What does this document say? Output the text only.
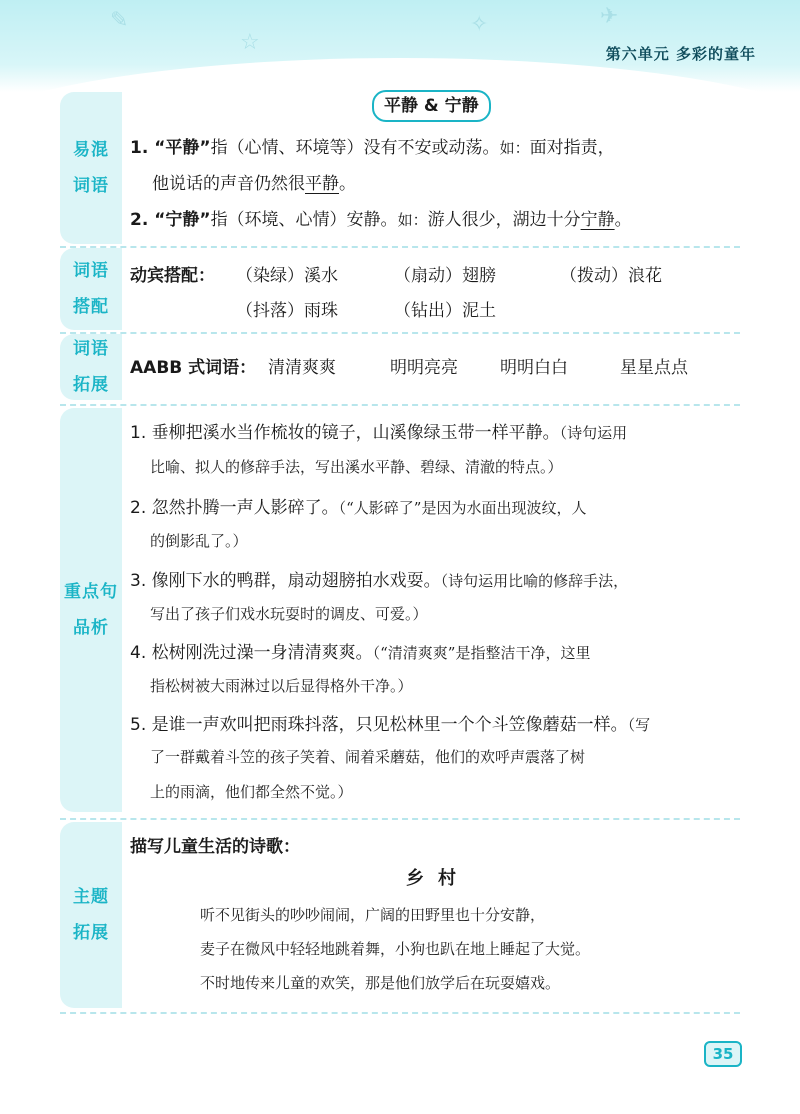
✎
☆
✧	✈
第六单元 多彩的童年
易混
词语
词语
搭配
词语
拓展
重点句
品析
主题
拓展
平静 & 宁静
1. “平静”指（心情、环境等）没有不安或动荡。如：面对指责，
他说话的声音仍然很平静。
2. “宁静”指（环境、心情）安静。如：游人很少，湖边十分宁静。
动宾搭配： （染绿）溪水	（扇动）翅膀	（拨动）浪花
（抖落）雨珠	（钻出）泥土
AABB 式词语： 清清爽爽	明明亮亮 明明白白	星星点点
1. 垂柳把溪水当作梳妆的镜子，山溪像绿玉带一样平静。（诗句运用
比喻、拟人的修辞手法，写出溪水平静、碧绿、清澈的特点。）
2. 忽然扑腾一声人影碎了。（“人影碎了”是因为水面出现波纹，人
的倒影乱了。）
3. 像刚下水的鸭群，扇动翅膀拍水戏耍。（诗句运用比喻的修辞手法，
写出了孩子们戏水玩耍时的调皮、可爱。）
4. 松树刚洗过澡一身清清爽爽。（“清清爽爽”是指整洁干净，这里
指松树被大雨淋过以后显得格外干净。）
5. 是谁一声欢叫把雨珠抖落，只见松林里一个个斗笠像蘑菇一样。（写
了一群戴着斗笠的孩子笑着、闹着采蘑菇，他们的欢呼声震落了树
上的雨滴，他们都全然不觉。）
描写儿童生活的诗歌：
乡村
听不见街头的吵吵闹闹，广阔的田野里也十分安静，
麦子在微风中轻轻地跳着舞，小狗也趴在地上睡起了大觉。
不时地传来儿童的欢笑，那是他们放学后在玩耍嬉戏。
35
